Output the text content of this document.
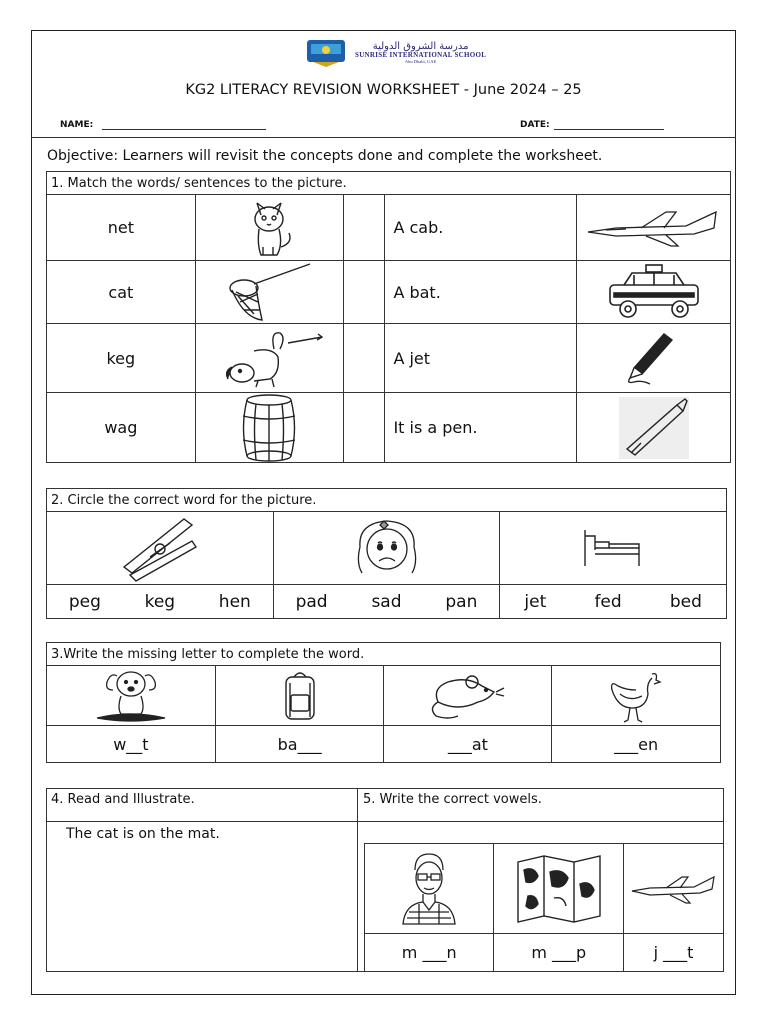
مدرسة الشروق الدولية
SUNRISE INTERNATIONAL SCHOOL
Abu Dhabi, UAE
KG2 LITERACY REVISION WORKSHEET - June 2024 – 25
NAME:	DATE:
Objective: Learners will revisit the concepts done and complete the worksheet.
1. Match the words/ sentences to the picture.				
net			A cab.	

cat			A bat.	

keg			A jet	

wag			It is a pen.	
2. Circle the correct word for the picture.		

peg keg hen	pad sad pan	jet fed bed
3.Write the missing letter to complete the word.			

w__t	ba___	___at	___en
4. Read and Illustrate.	5. Write the correct vowels.
The cat is on the mat.

m ___n	m ___p	j ___t
